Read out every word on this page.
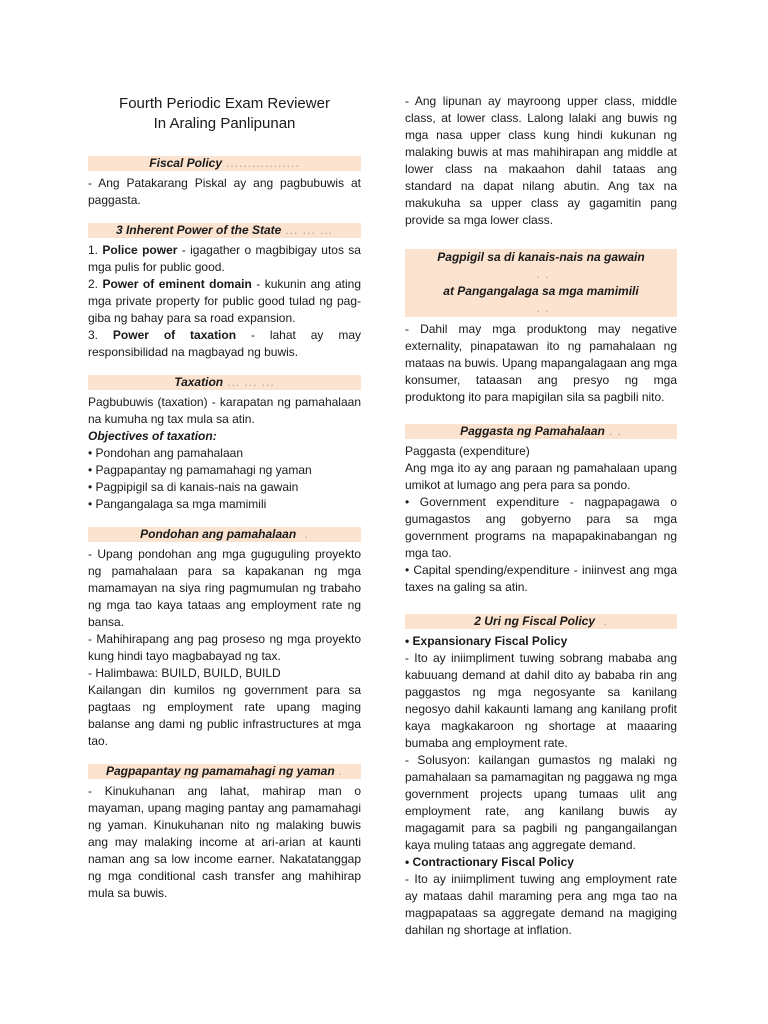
Fourth Periodic Exam Reviewer
In Araling Panlipunan
Fiscal Policy .................

- Ang Patakarang Piskal ay ang pagbubuwis at paggasta.

3 Inherent Power of the State ... ... ...

1. Police power - igagather o magbibigay utos sa mga pulis for public good.

2. Power of eminent domain - kukunin ang ating mga private property for public good tulad ng pag-giba ng bahay para sa road expansion.

3. Power of taxation - lahat ay may responsibilidad na magbayad ng buwis.

Taxation ... ... ...

Pagbubuwis (taxation) - karapatan ng pamahalaan na kumuha ng tax mula sa atin.

Objectives of taxation:

• Pondohan ang pamahalaan

• Pagpapantay ng pamamahagi ng yaman

• Pagpipigil sa di kanais-nais na gawain

• Pangangalaga sa mga mamimili

Pondohan ang pamahalaan .

- Upang pondohan ang mga guguguling proyekto ng pamahalaan para sa kapakanan ng mga mamamayan na siya ring pagmumulan ng trabaho ng mga tao kaya tataas ang employment rate ng bansa.

- Mahihirapang ang pag proseso ng mga proyekto kung hindi tayo magbabayad ng tax.

- Halimbawa: BUILD, BUILD, BUILD

Kailangan din kumilos ng government para sa pagtaas ng employment rate upang maging balanse ang dami ng public infrastructures at mga tao.

Pagpapantay ng pamamahagi ng yaman .

- Kinukuhanan ang lahat, mahirap man o mayaman, upang maging pantay ang pamamahagi ng yaman. Kinukuhanan nito ng malaking buwis ang may malaking income at ari-arian at kaunti naman ang sa low income earner. Nakatatanggap ng mga conditional cash transfer ang mahihirap mula sa buwis.

- Ang lipunan ay mayroong upper class, middle class, at lower class. Lalong lalaki ang buwis ng mga nasa upper class kung hindi kukunan ng malaking buwis at mas mahihirapan ang middle at lower class na makaahon dahil tataas ang standard na dapat nilang abutin. Ang tax na makukuha sa upper class ay gagamitin pang provide sa mga lower class.

Pagpigil sa di kanais-nais na gawain
. .
at Pangangalaga sa mga mamimili
. .

- Dahil may mga produktong may negative externality, pinapatawan ito ng pamahalaan ng mataas na buwis. Upang mapangalagaan ang mga konsumer, tataasan ang presyo ng mga produktong ito para mapigilan sila sa pagbili nito.

Paggasta ng Pamahalaan . .

Paggasta (expenditure)

Ang mga ito ay ang paraan ng pamahalaan upang umikot at lumago ang pera para sa pondo.

• Government expenditure - nagpapagawa o gumagastos ang gobyerno para sa mga government programs na mapapakinabangan ng mga tao.

• Capital spending/expenditure - iniinvest ang mga taxes na galing sa atin.

2 Uri ng Fiscal Policy .

• Expansionary Fiscal Policy

- Ito ay iniimpliment tuwing sobrang mababa ang kabuuang demand at dahil dito ay bababa rin ang paggastos ng mga negosyante sa kanilang negosyo dahil kakaunti lamang ang kanilang profit kaya magkakaroon ng shortage at maaaring bumaba ang employment rate.

- Solusyon: kailangan gumastos ng malaki ng pamahalaan sa pamamagitan ng paggawa ng mga government projects upang tumaas ulit ang employment rate, ang kanilang buwis ay magagamit para sa pagbili ng pangangailangan kaya muling tataas ang aggregate demand.

• Contractionary Fiscal Policy

- Ito ay iniimpliment tuwing ang employment rate ay mataas dahil maraming pera ang mga tao na magpapataas sa aggregate demand na magiging dahilan ng shortage at inflation.
